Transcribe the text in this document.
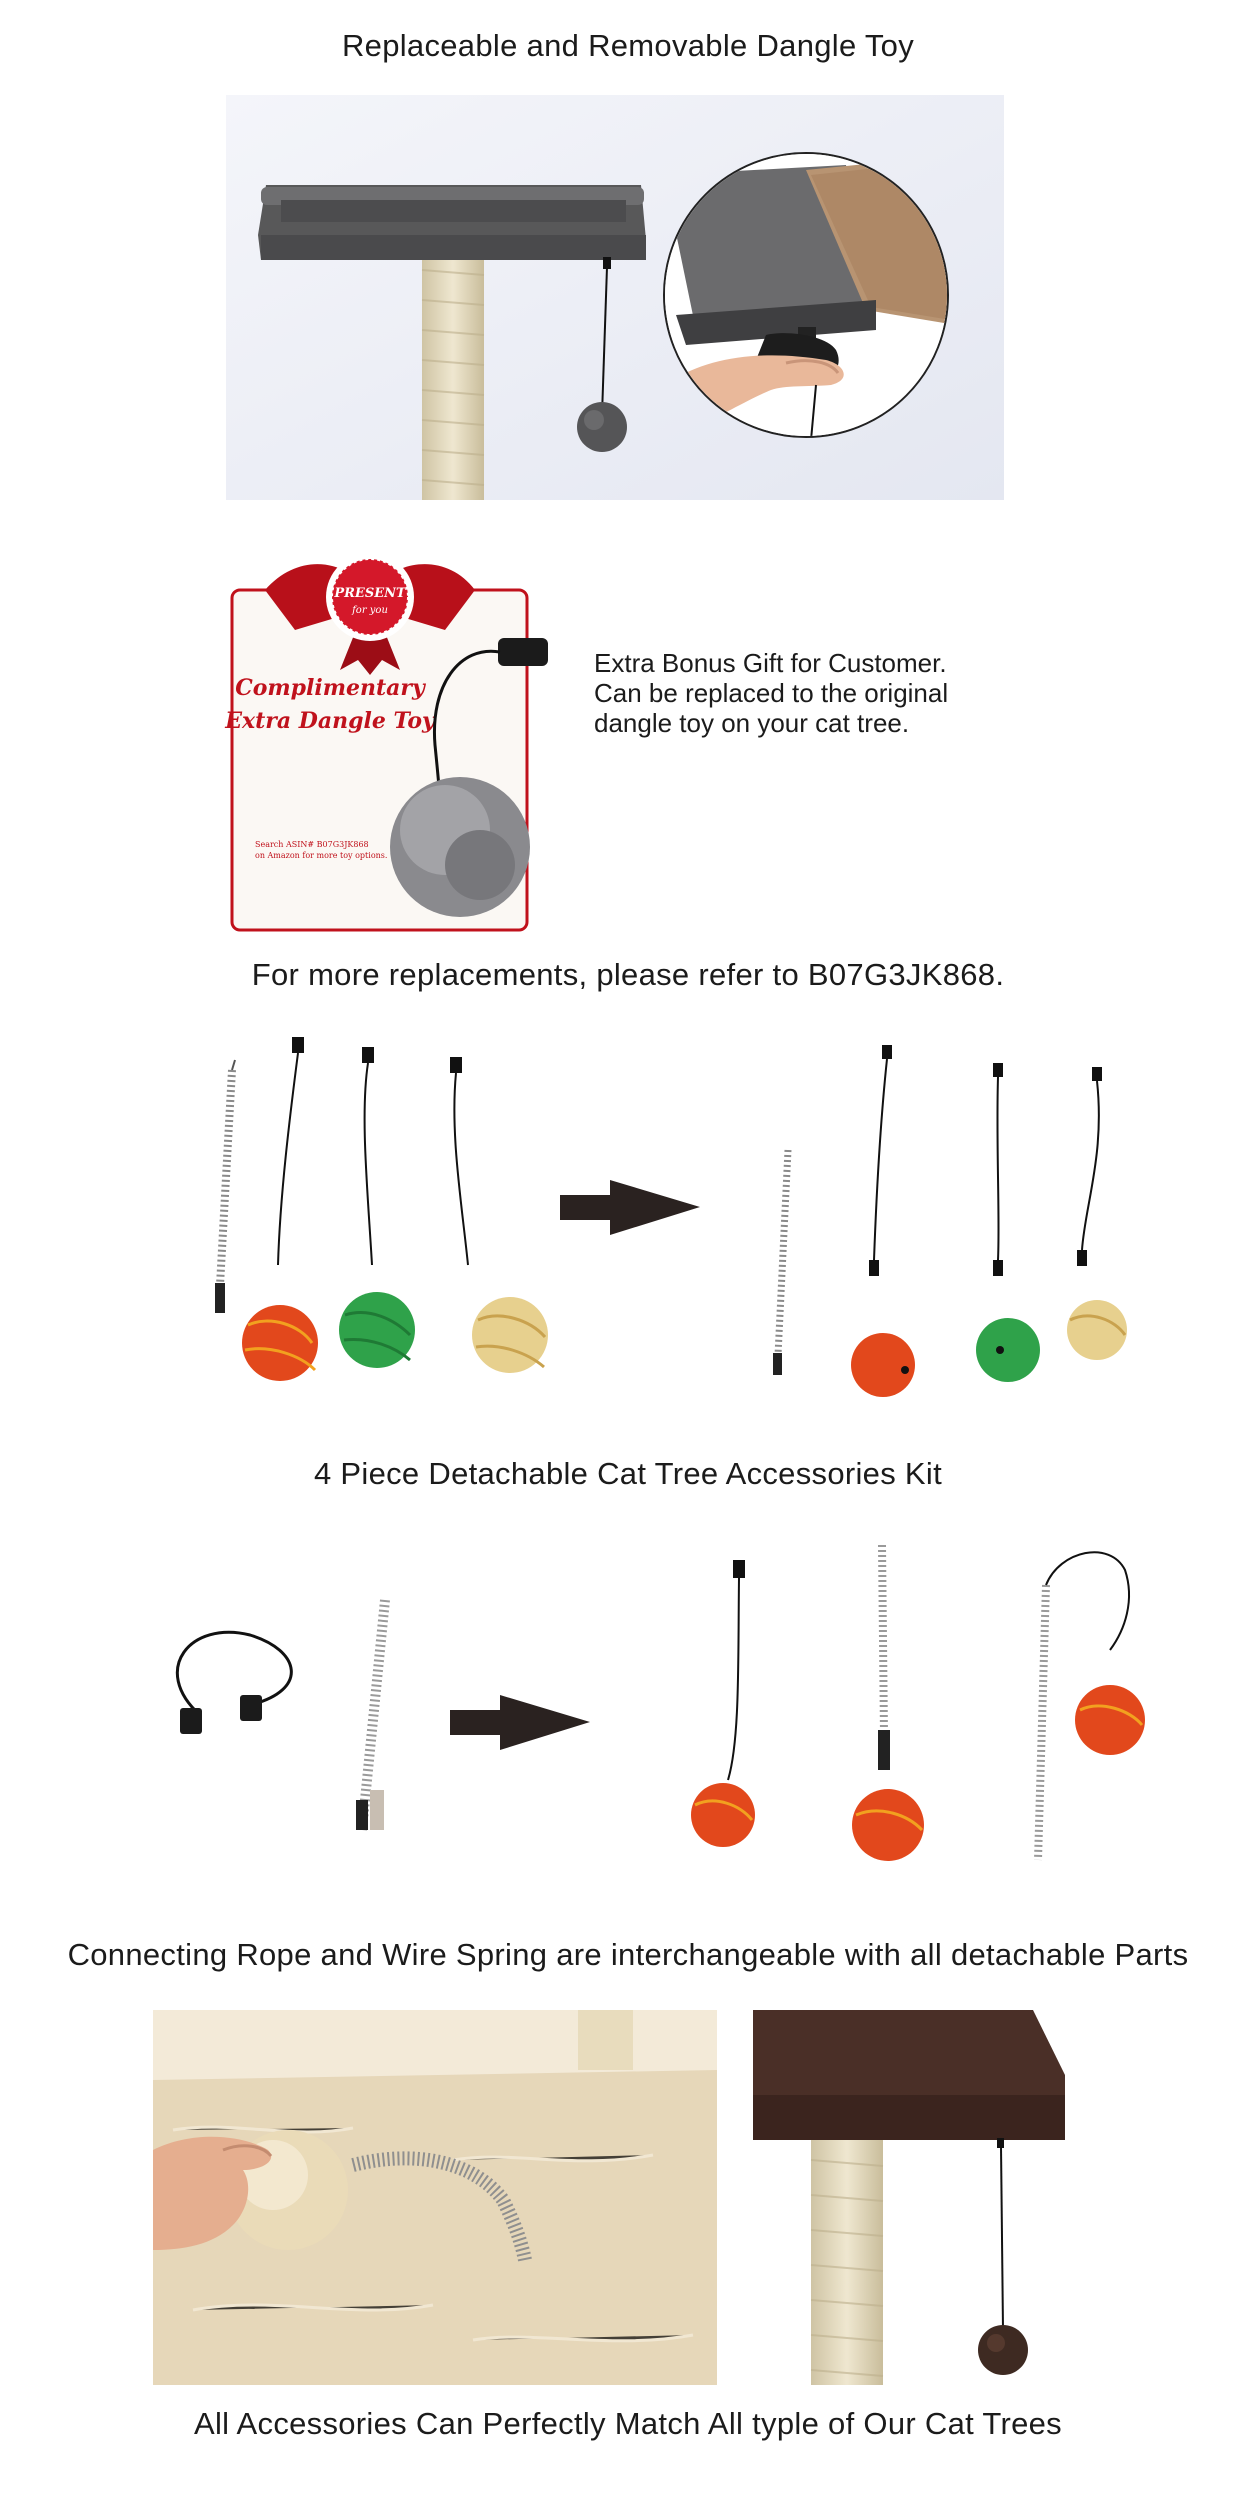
Replaceable and Removable Dangle Toy
PRESENT
for you
Complimentary
Extra Dangle Toy
Search ASIN# B07G3JK868
on Amazon for more toy options.
Extra Bonus Gift for Customer.
Can be replaced to the original
dangle toy on your cat tree.
For more replacements, please refer to B07G3JK868.
4 Piece Detachable Cat Tree Accessories Kit
Connecting Rope and Wire Spring are interchangeable with all detachable Parts
All Accessories Can Perfectly Match All typle of Our Cat Trees
